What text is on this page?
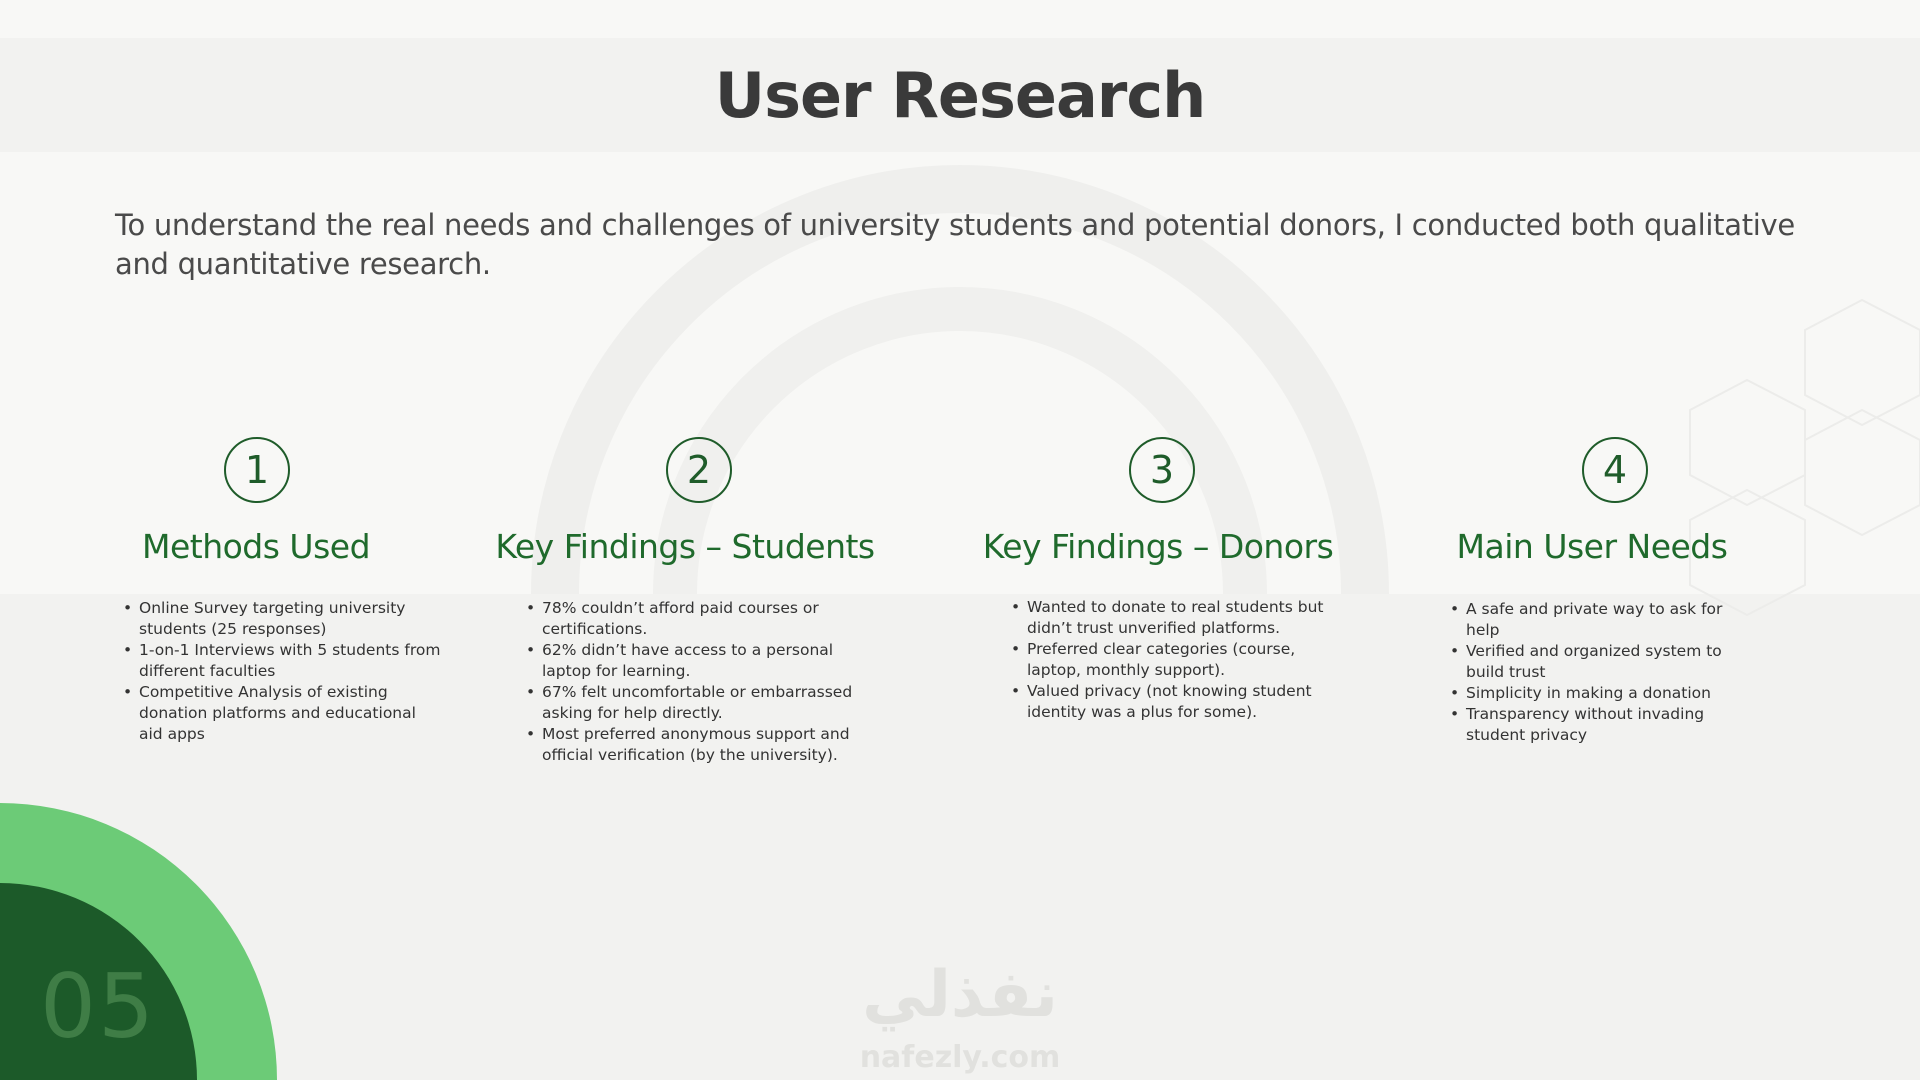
User Research
To understand the real needs and challenges of university students and potential donors, I conducted both qualitative and quantitative research.
1
Methods Used
• Online Survey targeting university students (25 responses)
• 1-on-1 Interviews with 5 students from different faculties
• Competitive Analysis of existing donation platforms and educational aid apps
2
Key Findings – Students
• 78% couldn’t afford paid courses or certifications.
• 62% didn’t have access to a personal laptop for learning.
• 67% felt uncomfortable or embarrassed asking for help directly.
• Most preferred anonymous support and official verification (by the university).
3
Key Findings – Donors
• Wanted to donate to real students but didn’t trust unverified platforms.
• Preferred clear categories (course, laptop, monthly support).
• Valued privacy (not knowing student identity was a plus for some).
4
Main User Needs
• A safe and private way to ask for help
• Verified and organized system to build trust
• Simplicity in making a donation
• Transparency without invading student privacy
05	نفذلي
nafezly.com
